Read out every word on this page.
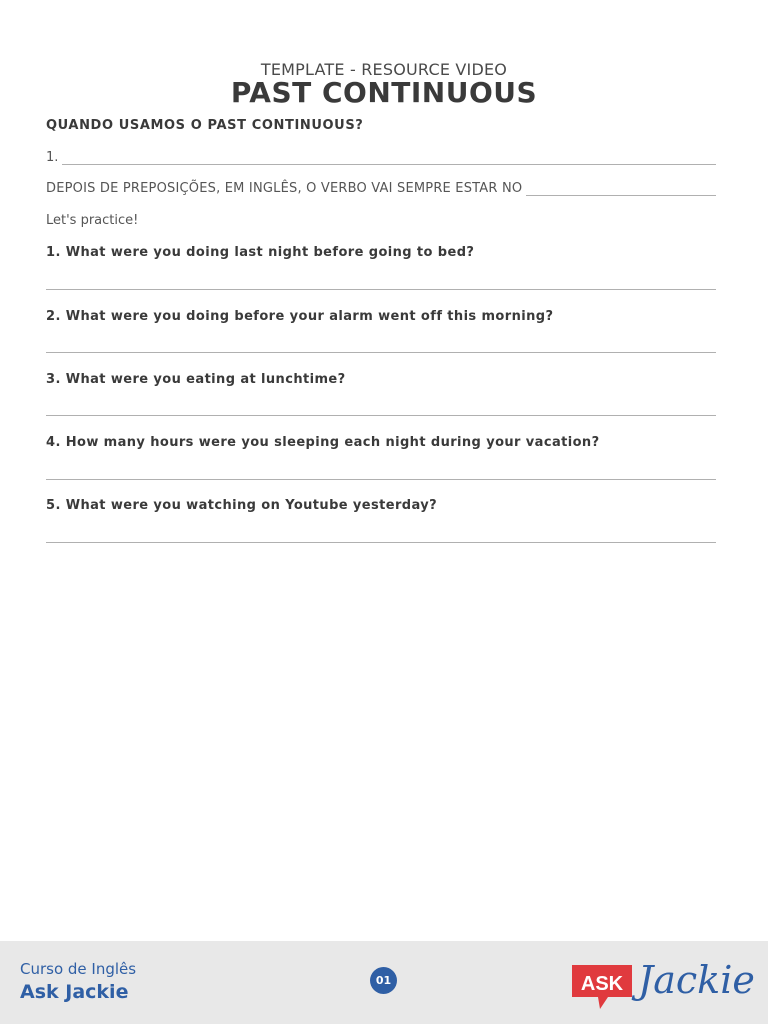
TEMPLATE - RESOURCE VIDEO
PAST CONTINUOUS
QUANDO USAMOS O PAST CONTINUOUS?
1.
DEPOIS DE PREPOSIÇÕES, EM INGLÊS, O VERBO VAI SEMPRE ESTAR NO
Let's practice!
1. What were you doing last night before going to bed?
2. What were you doing before your alarm went off this morning?
3. What were you eating at lunchtime?
4. How many hours were you sleeping each night during your vacation?
5. What were you watching on Youtube yesterday?
Curso de Inglês
Ask Jackie
01	ASK Jackie
